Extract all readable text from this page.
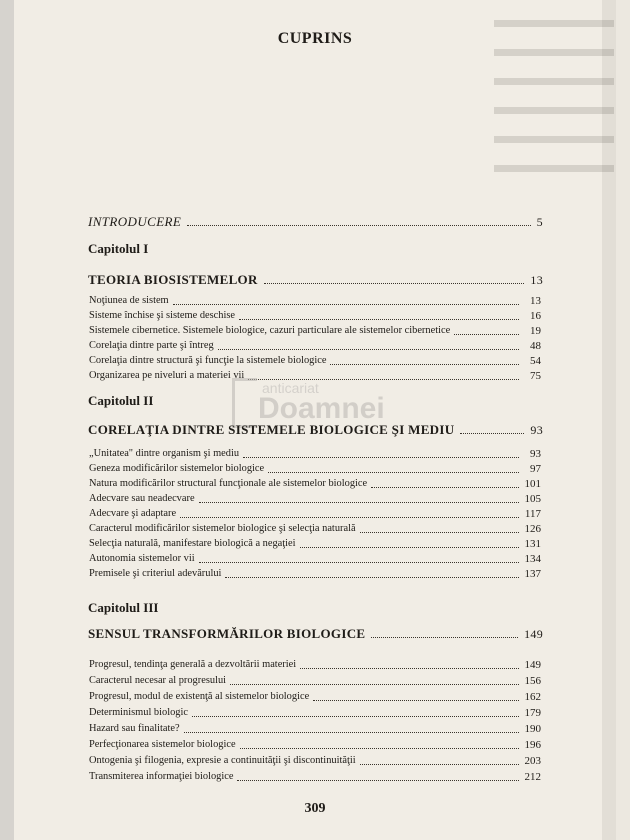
CUPRINS
INTRODUCERE	5
Capitolul I
TEORIA BIOSISTEMELOR	13
Noţiunea de sistem	13
Sisteme închise şi sisteme deschise	16
Sistemele cibernetice. Sistemele biologice, cazuri particulare ale sistemelor cibernetice	19
Corelaţia dintre parte şi întreg	48
Corelaţia dintre structură şi funcţie la sistemele biologice	54
Organizarea pe niveluri a materiei vii	75
anticariat
Doamnei
Capitolul II
CORELAŢIA DINTRE SISTEMELE BIOLOGICE ŞI MEDIU	93
„Unitatea" dintre organism şi mediu	93
Geneza modificărilor sistemelor biologice	97
Natura modificărilor structural funcţionale ale sistemelor biologice	101
Adecvare sau neadecvare	105
Adecvare şi adaptare	117
Caracterul modificărilor sistemelor biologice şi selecţia naturală	126
Selecţia naturală, manifestare biologică a negaţiei	131
Autonomia sistemelor vii	134
Premisele şi criteriul adevărului	137
Capitolul III
SENSUL TRANSFORMĂRILOR BIOLOGICE	149
Progresul, tendinţa generală a dezvoltării materiei	149
Caracterul necesar al progresului	156
Progresul, modul de existenţă al sistemelor biologice	162
Determinismul biologic	179
Hazard sau finalitate?	190
Perfecţionarea sistemelor biologice	196
Ontogenia şi filogenia, expresie a continuităţii şi discontinuităţii	203
Transmiterea informaţiei biologice	212
309
